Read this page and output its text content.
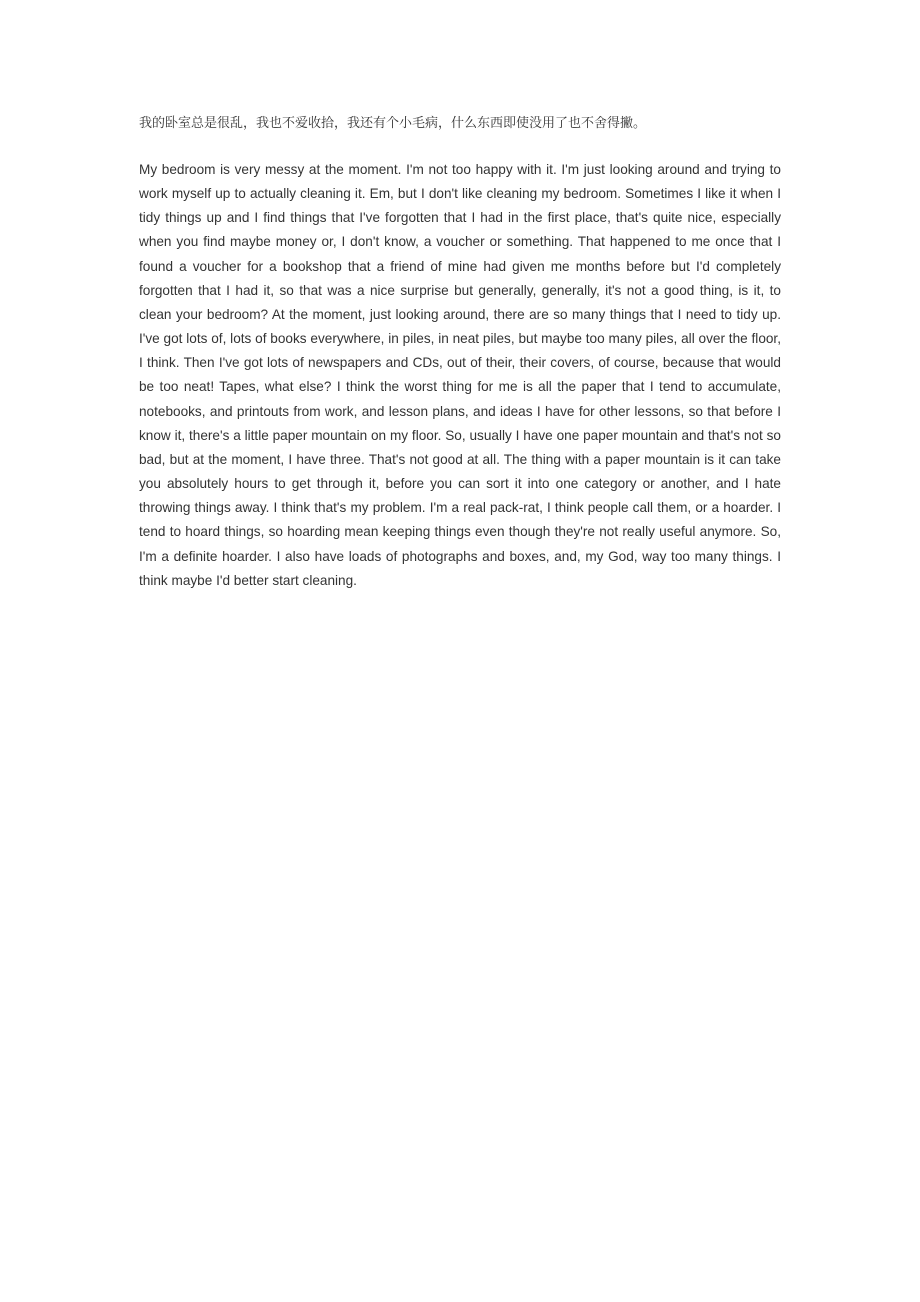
我的卧室总是很乱，我也不爱收拾，我还有个小毛病，什么东西即使没用了也不舍得撇。

My bedroom is very messy at the moment. I'm not too happy with it. I'm just looking around and trying to work myself up to actually cleaning it. Em, but I don't like cleaning my bedroom. Sometimes I like it when I tidy things up and I find things that I've forgotten that I had in the first place, that's quite nice, especially when you find maybe money or, I don't know, a voucher or something. That happened to me once that I found a voucher for a bookshop that a friend of mine had given me months before but I'd completely forgotten that I had it, so that was a nice surprise but generally, generally, it's not a good thing, is it, to clean your bedroom? At the moment, just looking around, there are so many things that I need to tidy up. I've got lots of, lots of books everywhere, in piles, in neat piles, but maybe too many piles, all over the floor, I think. Then I've got lots of newspapers and CDs, out of their, their covers, of course, because that would be too neat! Tapes, what else? I think the worst thing for me is all the paper that I tend to accumulate, notebooks, and printouts from work, and lesson plans, and ideas I have for other lessons, so that before I know it, there's a little paper mountain on my floor. So, usually I have one paper mountain and that's not so bad, but at the moment, I have three. That's not good at all. The thing with a paper mountain is it can take you absolutely hours to get through it, before you can sort it into one category or another, and I hate throwing things away. I think that's my problem. I'm a real pack-rat, I think people call them, or a hoarder. I tend to hoard things, so hoarding mean keeping things even though they're not really useful anymore. So, I'm a definite hoarder. I also have loads of photographs and boxes, and, my God, way too many things. I think maybe I'd better start cleaning.
